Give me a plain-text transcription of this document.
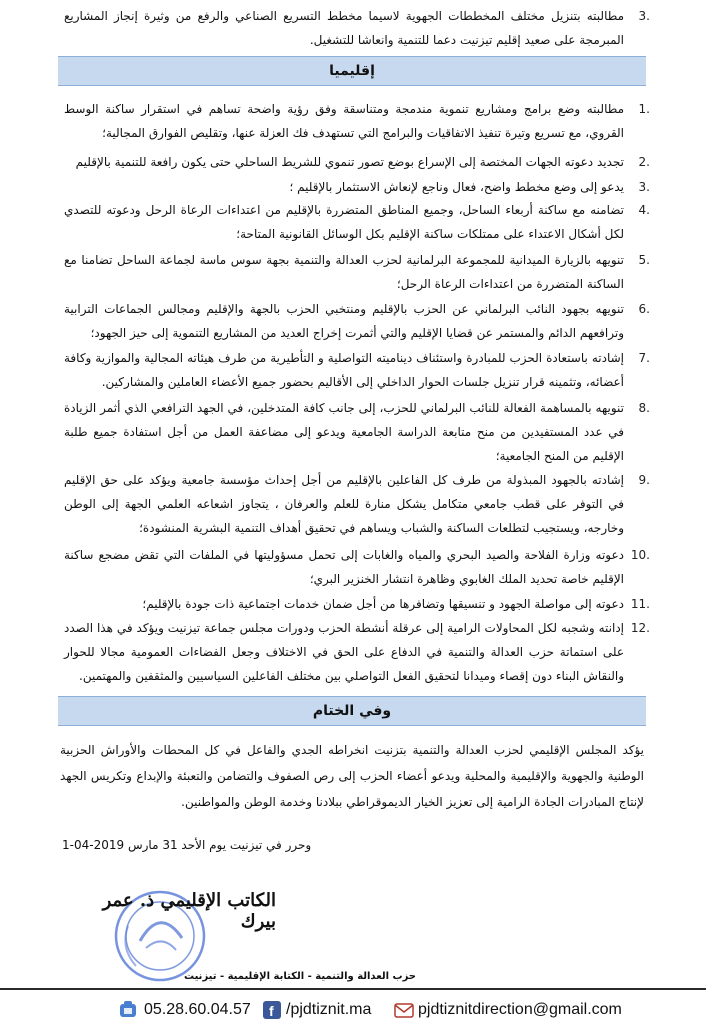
3.
مطالبته بتنزيل مختلف المخططات الجهوية لاسيما مخطط التسريع الصناعي والرفع من وثيرة إنجاز المشاريع المبرمجة على صعيد إقليم تيزنيت دعما للتنمية وانعاشا للتشغيل.
إقليميا
1.
مطالبته وضع برامج ومشاريع تنموية مندمجة ومتناسقة وفق رؤية واضحة تساهم في استقرار ساكنة الوسط القروي، مع تسريع وتيرة تنفيذ الاتفاقيات والبرامج التي تستهدف فك العزلة عنها، وتقليص الفوارق المجالية؛
2.
تجديد دعوته الجهات المختصة إلى الإسراع بوضع تصور تنموي للشريط الساحلي حتى يكون رافعة للتنمية بالإقليم
3.
يدعو إلى وضع مخطط واضح، فعال وناجع لإنعاش الاستثمار بالإقليم ؛
4.
تضامنه مع ساكنة أربعاء الساحل، وجميع المناطق المتضررة بالإقليم من اعتداءات الرعاة الرحل ودعوته للتصدي لكل أشكال الاعتداء على ممتلكات ساكنة الإقليم بكل الوسائل القانونية المتاحة؛
5.
تنويهه بالزيارة الميدانية للمجموعة البرلمانية لحزب العدالة والتنمية بجهة سوس ماسة لجماعة الساحل تضامنا مع الساكنة المتضررة من اعتداءات الرعاة الرحل؛
6.
تنويهه بجهود النائب البرلماني عن الحزب بالإقليم ومنتخبي الحزب بالجهة والإقليم ومجالس الجماعات الترابية وترافعهم الدائم والمستمر عن قضايا الإقليم والتي أثمرت إخراج العديد من المشاريع التنموية إلى حيز الجهود؛
7.
إشادته باستعادة الحزب للمبادرة واستئناف ديناميته التواصلية و التأطيرية من طرف هيئاته المجالية والموازية وكافة أعضائه، وتثمينه قرار تنزيل جلسات الحوار الداخلي إلى الأقاليم بحضور جميع الأعضاء العاملين والمشاركين.
8.
تنويهه بالمساهمة الفعالة للنائب البرلماني للحزب، إلى جانب كافة المتدخلين، في الجهد الترافعي الذي أثمر الزيادة في عدد المستفيدين من منح متابعة الدراسة الجامعية ويدعو إلى مضاعفة العمل من أجل استفادة جميع طلبة الإقليم من المنح الجامعية؛
9.
إشادته بالجهود المبذولة من طرف كل الفاعلين بالإقليم من أجل إحداث مؤسسة جامعية ويؤكد على حق الإقليم في التوفر على قطب جامعي متكامل يشكل منارة للعلم والعرفان ، يتجاوز اشعاعه العلمي الجهة إلى الوطن وخارجه، ويستجيب لتطلعات الساكنة والشباب ويساهم في تحقيق أهداف التنمية البشرية المنشودة؛
10.
دعوته وزارة الفلاحة والصيد البحري والمياه والغابات إلى تحمل مسؤوليتها في الملفات التي تقض مضجع ساكنة الإقليم خاصة تحديد الملك الغابوي وظاهرة انتشار الخنزير البري؛
11.
دعوته إلى مواصلة الجهود و تنسيقها وتضافرها من أجل ضمان خدمات اجتماعية ذات جودة بالإقليم؛
12.
إدانته وشجبه لكل المحاولات الرامية إلى عرقلة أنشطة الحزب ودورات مجلس جماعة تيزنيت ويؤكد في هذا الصدد على استماتة حزب العدالة والتنمية في الدفاع على الحق في الاختلاف وجعل الفضاءات العمومية مجالا للحوار والنقاش البناء دون إقصاء وميدانا لتحقيق الفعل التواصلي بين مختلف الفاعلين السياسيين والمثقفين والمهتمين.
وفي الختام
يؤكد المجلس الإقليمي لحزب العدالة والتنمية بتزنيت انخراطه الجدي والفاعل في كل المحطات والأوراش الحزبية الوطنية والجهوية والإقليمية والمحلية ويدعو أعضاء الحزب إلى رص الصفوف والتضامن والتعبئة والإبداع وتكريس الجهد لإنتاج المبادرات الجادة الرامية إلى تعزيز الخيار الديموقراطي ببلادنا وخدمة الوطن والمواطنين.
وحرر في تيزنيت يوم الأحد 31 مارس 2019-04-1
الكاتب الإقليمي ذ. عمر بيرك
حزب العدالة والتنمية - الكتابة الإقليمية - تيزنيت
05.28.60.04.57 f /pjdtiznit.ma	pjdtiznitdirection@gmail.com
